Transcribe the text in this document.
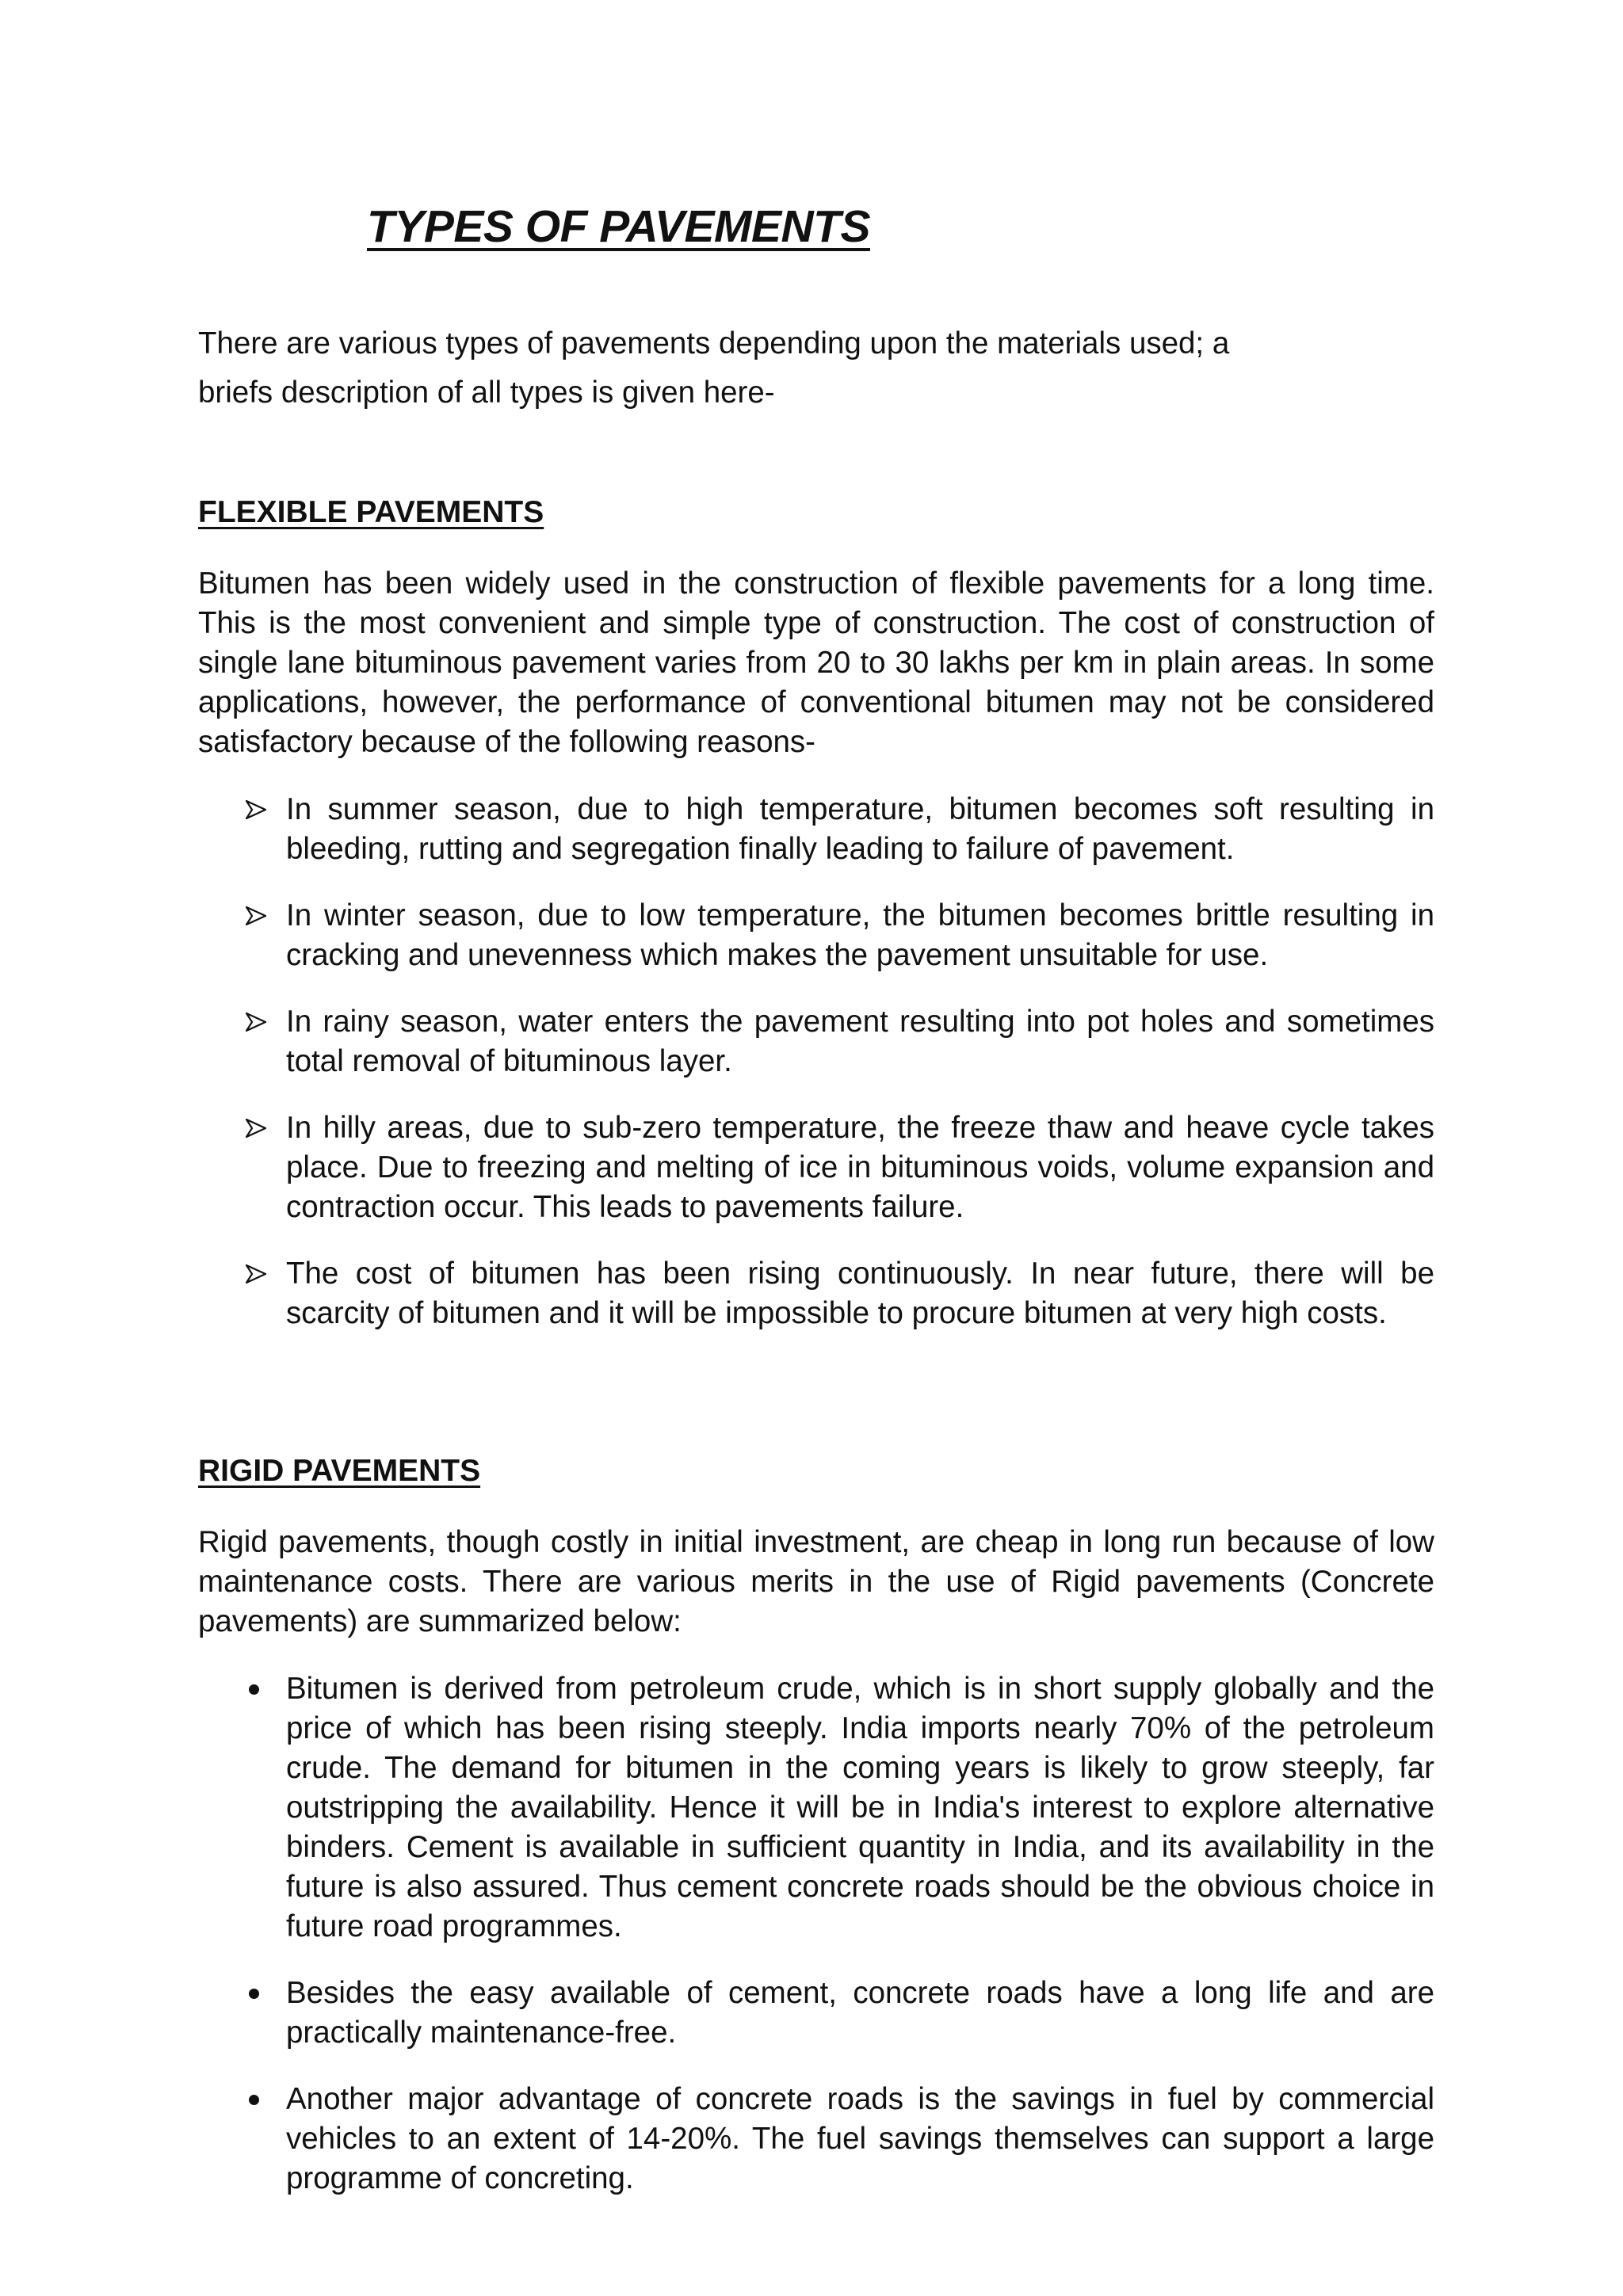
TYPES OF PAVEMENTS

There are various types of pavements depending upon the materials used; a briefs description of all types is given here-

FLEXIBLE PAVEMENTS

Bitumen has been widely used in the construction of flexible pavements for a long time. This is the most convenient and simple type of construction. The cost of construction of single lane bituminous pavement varies from 20 to 30 lakhs per km in plain areas. In some applications, however, the performance of conventional bitumen may not be considered satisfactory because of the following reasons-

In summer season, due to high temperature, bitumen becomes soft resulting in bleeding, rutting and segregation finally leading to failure of pavement.
In winter season, due to low temperature, the bitumen becomes brittle resulting in cracking and unevenness which makes the pavement unsuitable for use.
In rainy season, water enters the pavement resulting into pot holes and sometimes total removal of bituminous layer.
In hilly areas, due to sub-zero temperature, the freeze thaw and heave cycle takes place. Due to freezing and melting of ice in bituminous voids, volume expansion and contraction occur. This leads to pavements failure.
The cost of bitumen has been rising continuously. In near future, there will be scarcity of bitumen and it will be impossible to procure bitumen at very high costs.
RIGID PAVEMENTS

Rigid pavements, though costly in initial investment, are cheap in long run because of low maintenance costs. There are various merits in the use of Rigid pavements (Concrete pavements) are summarized below:

Bitumen is derived from petroleum crude, which is in short supply globally and the price of which has been rising steeply. India imports nearly 70% of the petroleum crude. The demand for bitumen in the coming years is likely to grow steeply, far outstripping the availability. Hence it will be in India's interest to explore alternative binders. Cement is available in sufficient quantity in India, and its availability in the future is also assured. Thus cement concrete roads should be the obvious choice in future road programmes.
Besides the easy available of cement, concrete roads have a long life and are practically maintenance-free.
Another major advantage of concrete roads is the savings in fuel by commercial vehicles to an extent of 14-20%. The fuel savings themselves can support a large programme of concreting.
